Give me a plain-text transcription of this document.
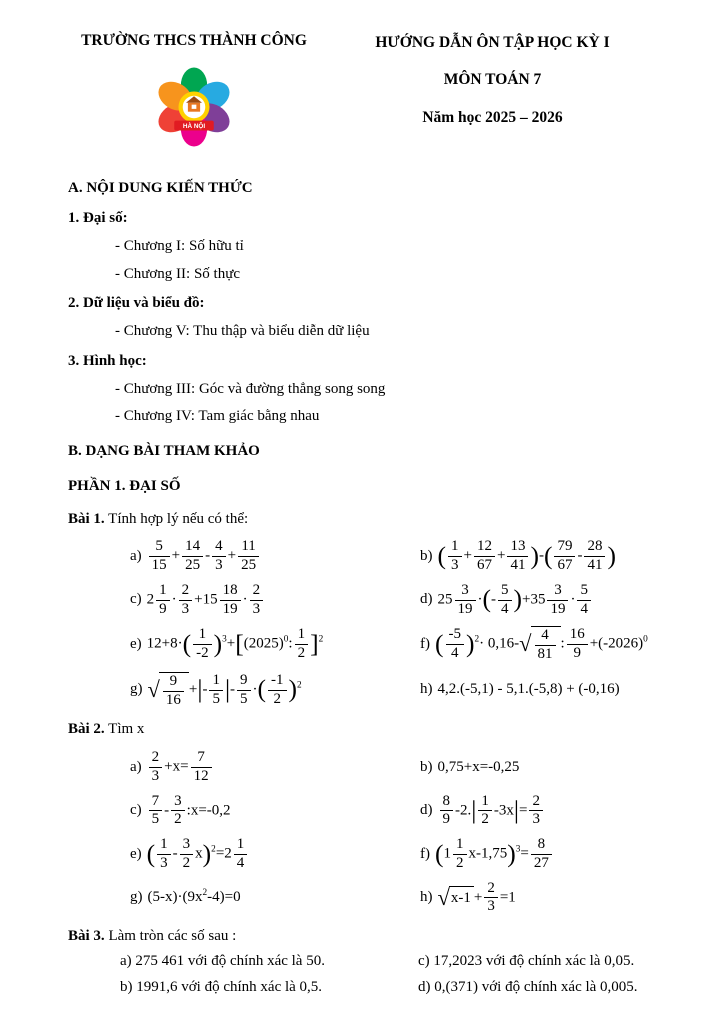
TRƯỜNG THCS THÀNH CÔNG
HÀ NỘI
HƯỚNG DẪN ÔN TẬP HỌC KỲ I
MÔN TOÁN 7
Năm học 2025 – 2026
A. NỘI DUNG KIẾN THỨC
1. Đại số:
- Chương I: Số hữu tỉ
- Chương II: Số thực
2. Dữ liệu và biểu đồ:
- Chương V: Thu thập và biểu diễn dữ liệu
3. Hình học:
- Chương III: Góc và đường thẳng song song
- Chương IV: Tam giác bằng nhau
B. DẠNG BÀI THAM KHẢO
PHẦN 1. ĐẠI SỐ
Bài 1. Tính hợp lý nếu có thể:
$a) \frac{5}{15} + \frac{14}{25} - \frac{4}{3} + \frac{11}{25}$	b) ( $\frac{1}{3} + \frac{12}{67} + \frac{13}{41}$ )-( $\frac{79}{67} - \frac{28}{41}$ )
c) $2 \frac{1}{9} \cdot \frac{2}{3} +15 \frac{18}{19} \cdot \frac{2}{3}$	d) $25 \frac{3}{19}$ ·(- $\frac{5}{4} )+35 \frac{3}{19} \cdot \frac{5}{4}$
e) $12+8\cdot( \frac{1}{-2} )^3+[(2025)^0$: $\frac{1}{2} ]^2$	f) ( $\frac{-5}{4} )^2\cdot 0,16-$ √ $\frac{4}{81}$ : $\frac{16}{9} +(-2026)^0$
g) √ $\frac{9}{16}$ +|- $\frac{1}{5}$ |- $\frac{9}{5}$ ·( $\frac{-1}{2} )^2$	h) 4,2.(-5,1) - 5,1.(-5,8) + (-0,16)
Bài 2. Tìm x
$a) \frac{2}{3} +x= \frac{7}{12}$	b) 0,75+x=-0,25
$c) \frac{7}{5} - \frac{3}{2}$ :x=-0,2	$d) \frac{8}{9} -2.| \frac{1}{2} -3x|= \frac{2}{3}$
e) ( $\frac{1}{3} - \frac{3}{2} x)^2=2 \frac{1}{4}$	f) $(1 \frac{1}{2} x-1,75)^3= \frac{8}{27}$
g) $(5-x)\cdot(9x^2-4)=0$	h) √ $x-1 + \frac{2}{3} =1$
Bài 3. Làm tròn các số sau :
a) 275 461 với độ chính xác là 50.	c) 17,2023 với độ chính xác là 0,05.
b) 1991,6 với độ chính xác là 0,5.	d) 0,(371) với độ chính xác là 0,005.
